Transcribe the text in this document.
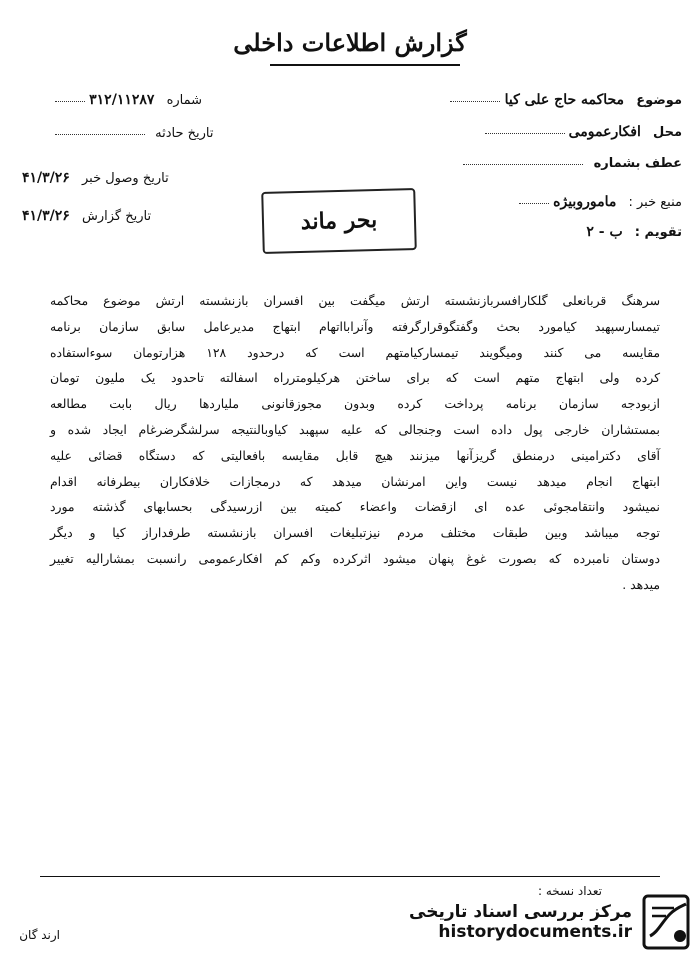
گزارش اطلاعات داخلی
موضوع محاکمه حاج علی کیا
محل افکارعمومی
عطف بشماره
منبع خبر : ماموروبیژه
تقویم : ب - ۲
شماره ۳۱۲/۱۱۲۸۷
تاریخ حادثه
تاریخ وصول خبر ۴۱/۳/۲۶
تاریخ گزارش ۴۱/۳/۲۶	بحر ماند

سرهنگ قربانعلی گلکارافسربازنشسته ارتش میگفت بین افسران بازنشسته ارتش موضوع محاکمه

تیمسارسپهبد کیامورد بحث وگفتگوقرارگرفته وآنرابااتهام ابتهاج مدیرعامل سابق سازمان برنامه

مقایسه می کنند ومیگویند تیمسارکیامتهم است که درحدود ۱۲۸ هزارتومان سوءاستفاده

کرده ولی ابتهاج متهم است که برای ساختن هرکیلومترراه اسفالته تاحدود یک ملیون تومان

ازبودجه سازمان برنامه پرداخت کرده وبدون مجوزقانونی ملیاردها ریال بابت مطالعه

بمستشاران خارجی پول داده است وجنجالی که علیه سپهبد کیاوبالنتیجه سرلشگرضرغام ایجاد شده و

آقای دکترامینی درمنطق گریزآنها میزنند هیچ قابل مقایسه بافعالیتی که دستگاه قضائی علیه

ابتهاج انجام میدهد نیست واین امرنشان میدهد که درمجازات خلافکاران بیطرفانه اقدام

نمیشود وانتقامجوئی عده ای ازقضات واعضاء کمیته بین ازرسیدگی بحسابهای گذشته مورد

توجه میباشد وبین طبقات مختلف مردم نیزتبلیغات افسران بازنشسته طرفداراز کیا و دیگر

دوستان نامبرده که بصورت غوغ پنهان میشود اثرکرده وکم کم افکارعمومی رانسبت بمشارالیه تغییر

میدهد .

تعداد نسخه :
ارند گان
مرکز بررسی اسناد تاریخی
historydocuments.ir
